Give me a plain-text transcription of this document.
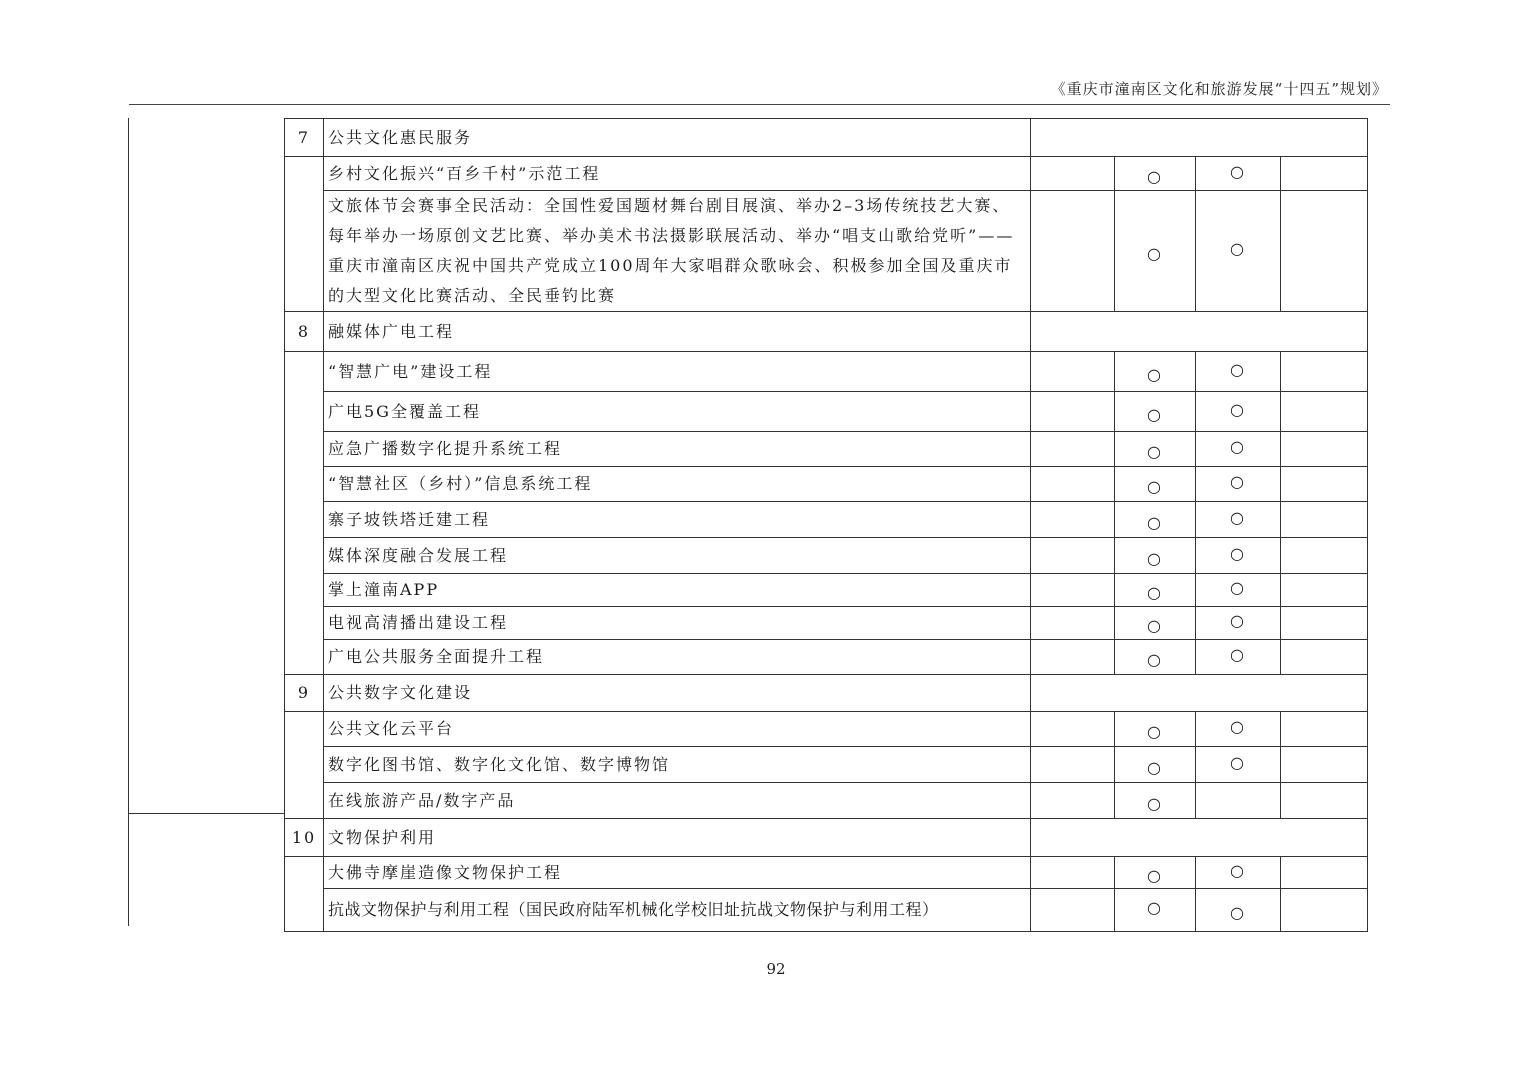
《重庆市潼南区文化和旅游发展“十四五”规划》
7	公共文化惠民服务				
	乡村文化振兴“百乡千村”示范工程		○	○	
	文旅体节会赛事全民活动：全国性爱国题材舞台剧目展演、举办2–3场传统技艺大赛、每年举办一场原创文艺比赛、举办美术书法摄影联展活动、举办“唱支山歌给党听”——重庆市潼南区庆祝中国共产党成立100周年大家唱群众歌咏会、积极参加全国及重庆市的大型文化比赛活动、全民垂钓比赛		○	○	
8	融媒体广电工程				
	“智慧广电”建设工程		○	○	
	广电5G全覆盖工程		○	○	
	应急广播数字化提升系统工程		○	○	
	“智慧社区（乡村）”信息系统工程		○	○	
	寨子坡铁塔迁建工程		○	○	
	媒体深度融合发展工程		○	○	
	掌上潼南APP		○	○	
	电视高清播出建设工程		○	○	
	广电公共服务全面提升工程		○	○	
9	公共数字文化建设				
	公共文化云平台		○	○	
	数字化图书馆、数字化文化馆、数字博物馆		○	○	
	在线旅游产品/数字产品		○		
10	文物保护利用				
	大佛寺摩崖造像文物保护工程		○	○	
	抗战文物保护与利用工程（国民政府陆军机械化学校旧址抗战文物保护与利用工程）		○	○	
92
